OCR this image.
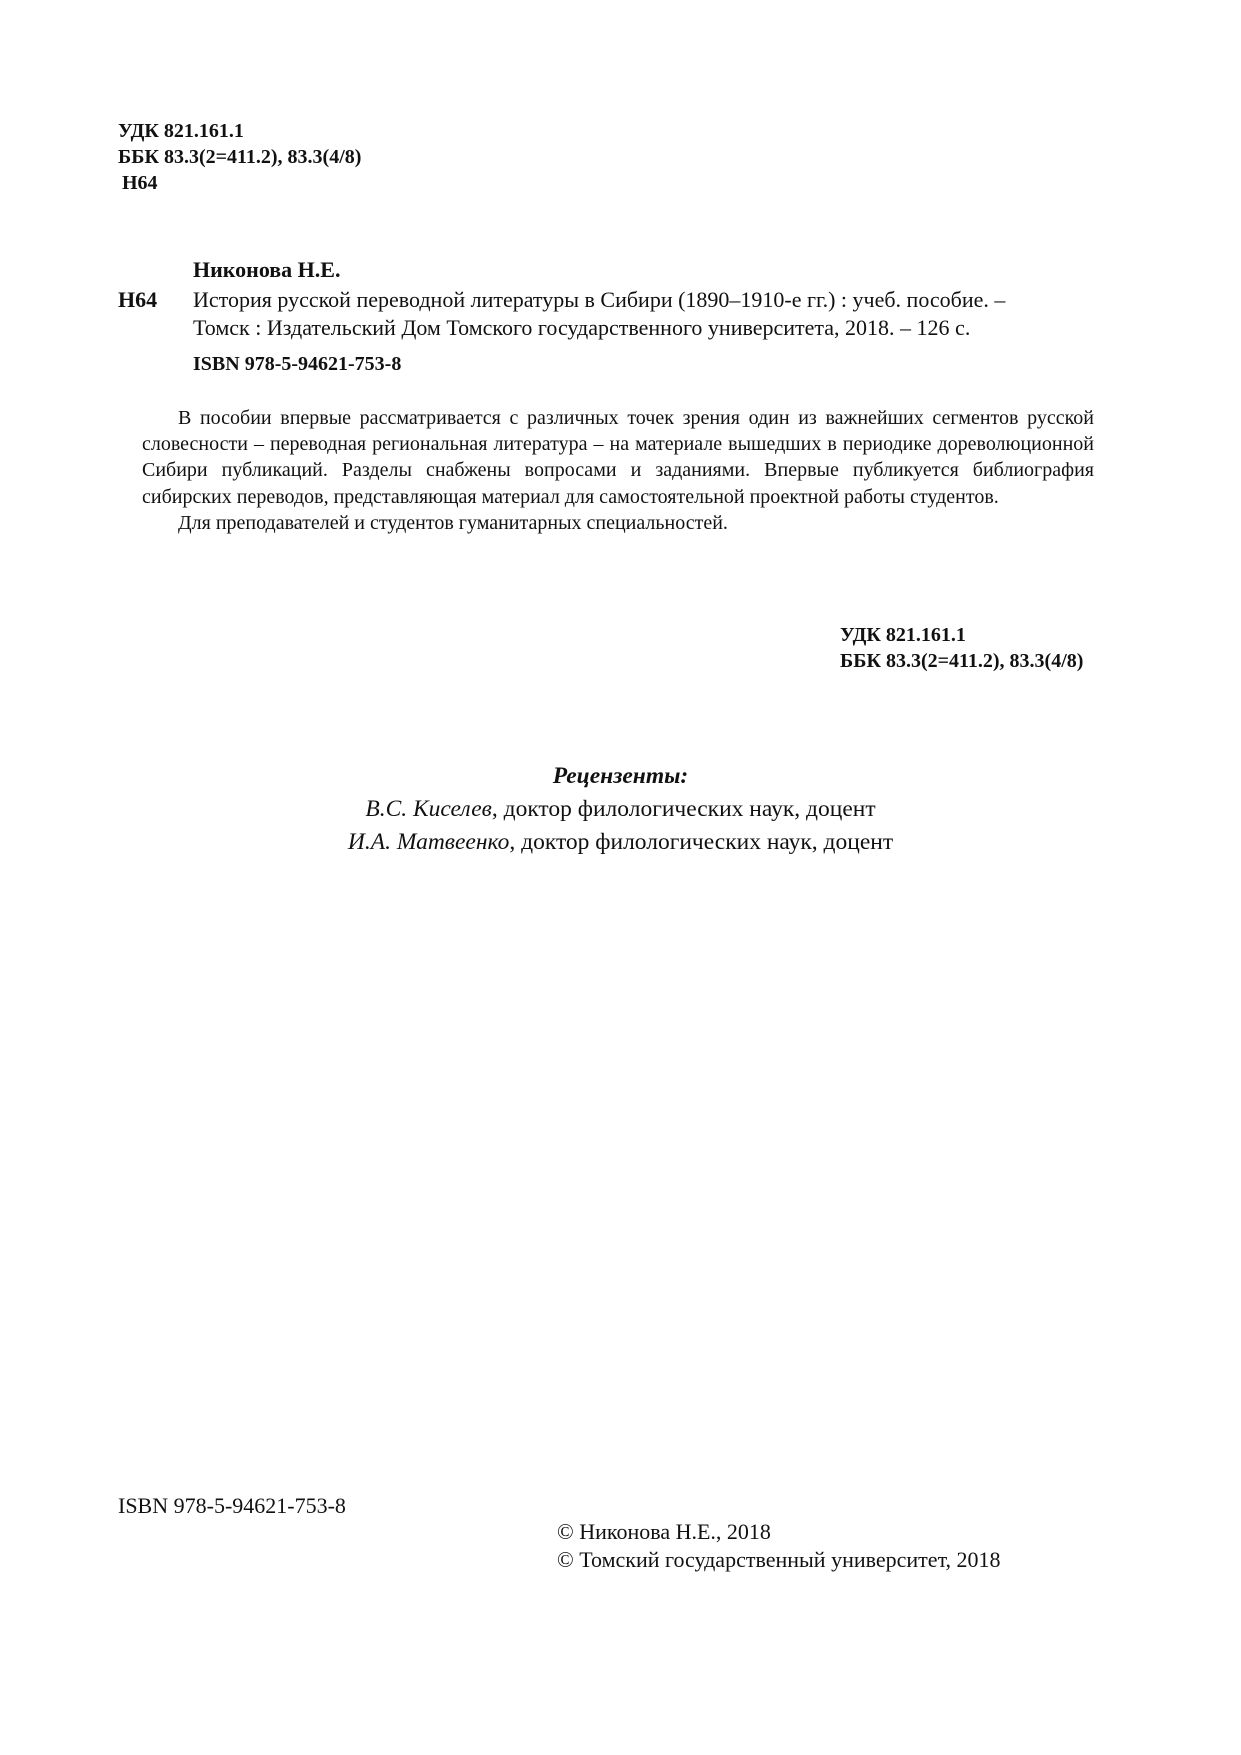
УДК 821.161.1
ББК 83.3(2=411.2), 83.3(4/8)
Н64
Никонова Н.Е.
Н64 История русской переводной литературы в Сибири (1890–1910-е гг.) : учеб. пособие. –
Томск : Издательский Дом Томского государственного университета, 2018. – 126 с.
ISBN 978-5-94621-753-8

В пособии впервые рассматривается с различных точек зрения один из важнейших сегментов русской словесности – переводная региональная литература – на материале вышедших в периодике дореволюционной Сибири публикаций. Разделы снабжены вопросами и заданиями. Впервые публикуется библиография сибирских переводов, представляющая материал для самостоятельной проектной работы студентов.

Для преподавателей и студентов гуманитарных специальностей.

УДК 821.161.1
ББК 83.3(2=411.2), 83.3(4/8)
Рецензенты:
В.С. Киселев, доктор филологических наук, доцент
И.А. Матвеенко, доктор филологических наук, доцент
ISBN 978-5-94621-753-8
© Никонова Н.Е., 2018
© Томский государственный университет, 2018
